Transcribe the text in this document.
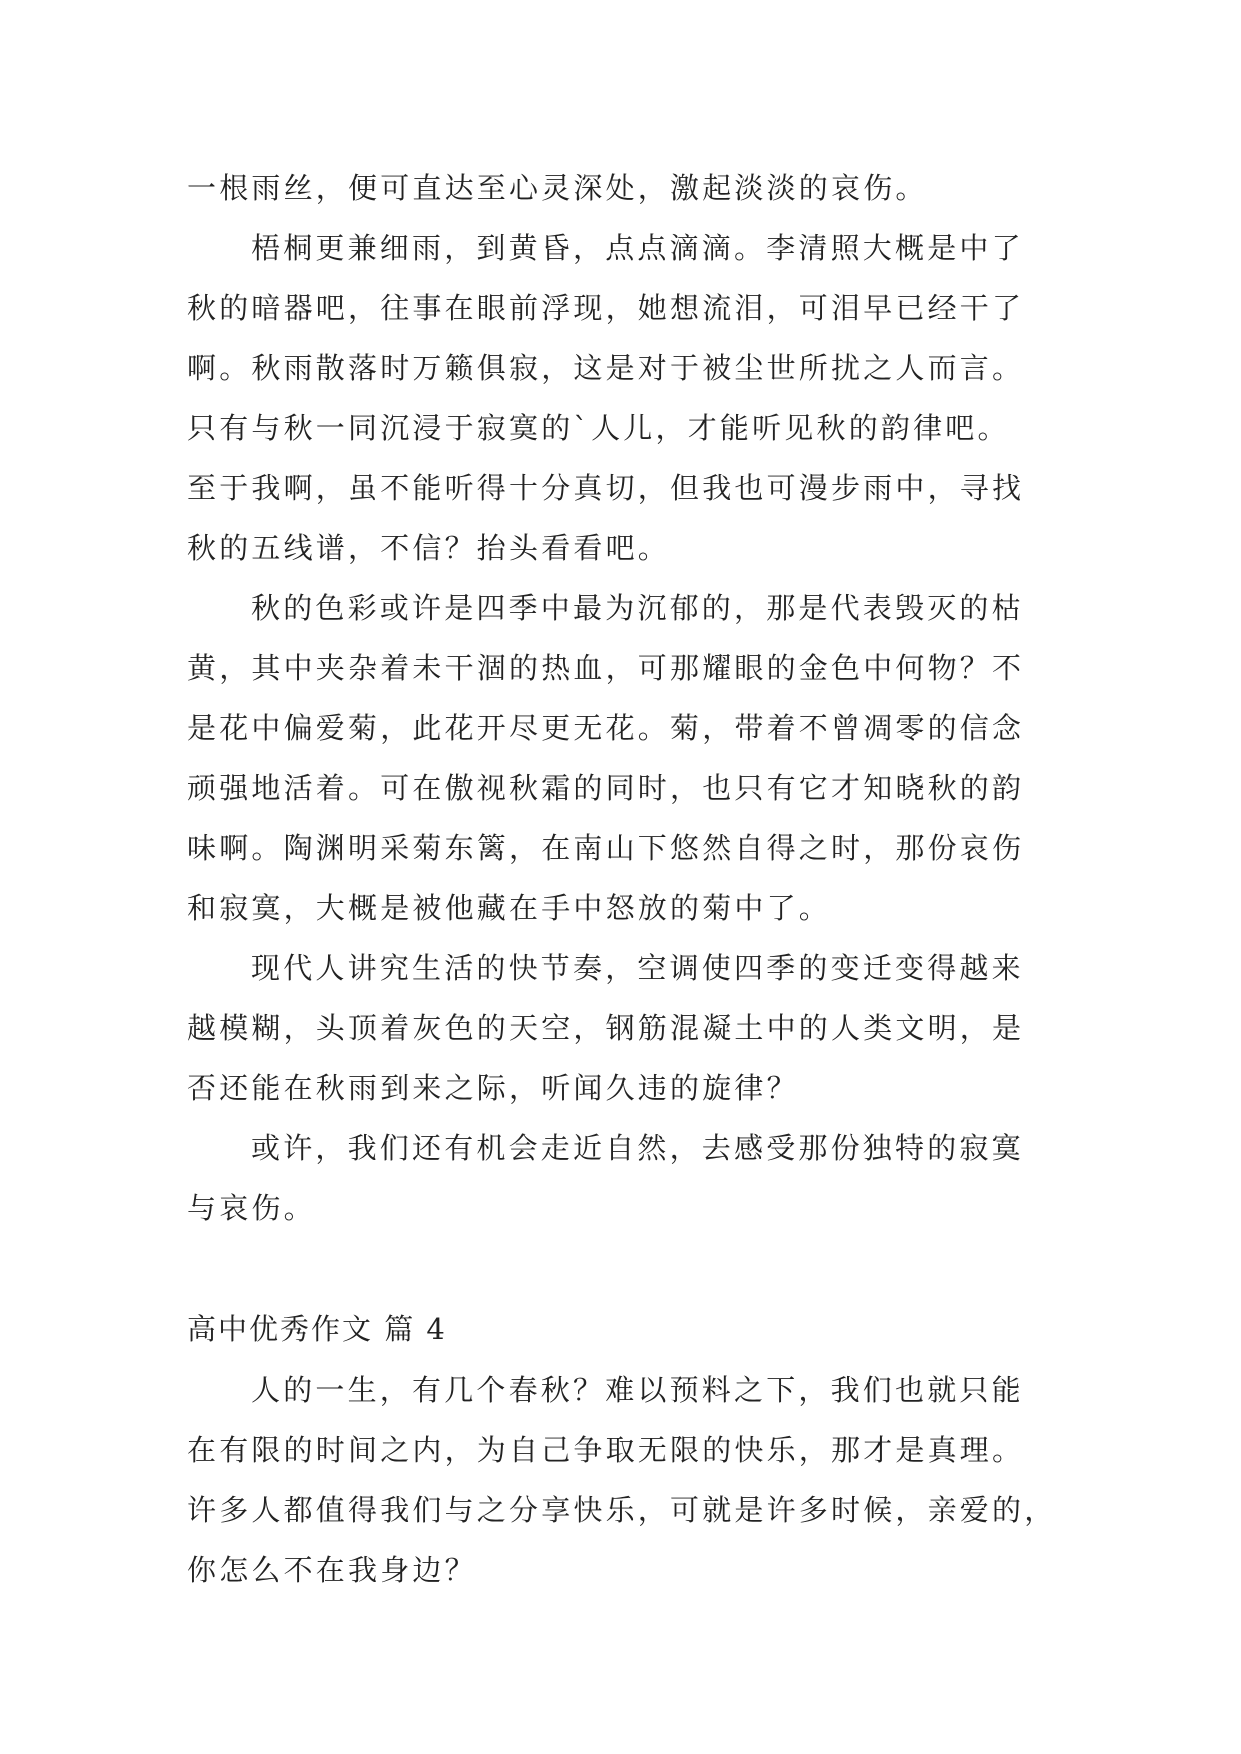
一根雨丝，便可直达至心灵深处，激起淡淡的哀伤。

梧桐更兼细雨，到黄昏，点点滴滴。李清照大概是中了

秋的暗器吧，往事在眼前浮现，她想流泪，可泪早已经干了

啊。秋雨散落时万籁俱寂，这是对于被尘世所扰之人而言。

只有与秋一同沉浸于寂寞的`人儿，才能听见秋的韵律吧。

至于我啊，虽不能听得十分真切，但我也可漫步雨中，寻找

秋的五线谱，不信？抬头看看吧。

秋的色彩或许是四季中最为沉郁的，那是代表毁灭的枯

黄，其中夹杂着未干涸的热血，可那耀眼的金色中何物？不

是花中偏爱菊，此花开尽更无花。菊，带着不曾凋零的信念

顽强地活着。可在傲视秋霜的同时，也只有它才知晓秋的韵

味啊。陶渊明采菊东篱，在南山下悠然自得之时，那份哀伤

和寂寞，大概是被他藏在手中怒放的菊中了。

现代人讲究生活的快节奏，空调使四季的变迁变得越来

越模糊，头顶着灰色的天空，钢筋混凝土中的人类文明，是

否还能在秋雨到来之际，听闻久违的旋律？

或许，我们还有机会走近自然，去感受那份独特的寂寞

与哀伤。

高中优秀作文 篇 4

人的一生，有几个春秋？难以预料之下，我们也就只能

在有限的时间之内，为自己争取无限的快乐，那才是真理。

许多人都值得我们与之分享快乐，可就是许多时候，亲爱的，

你怎么不在我身边？
